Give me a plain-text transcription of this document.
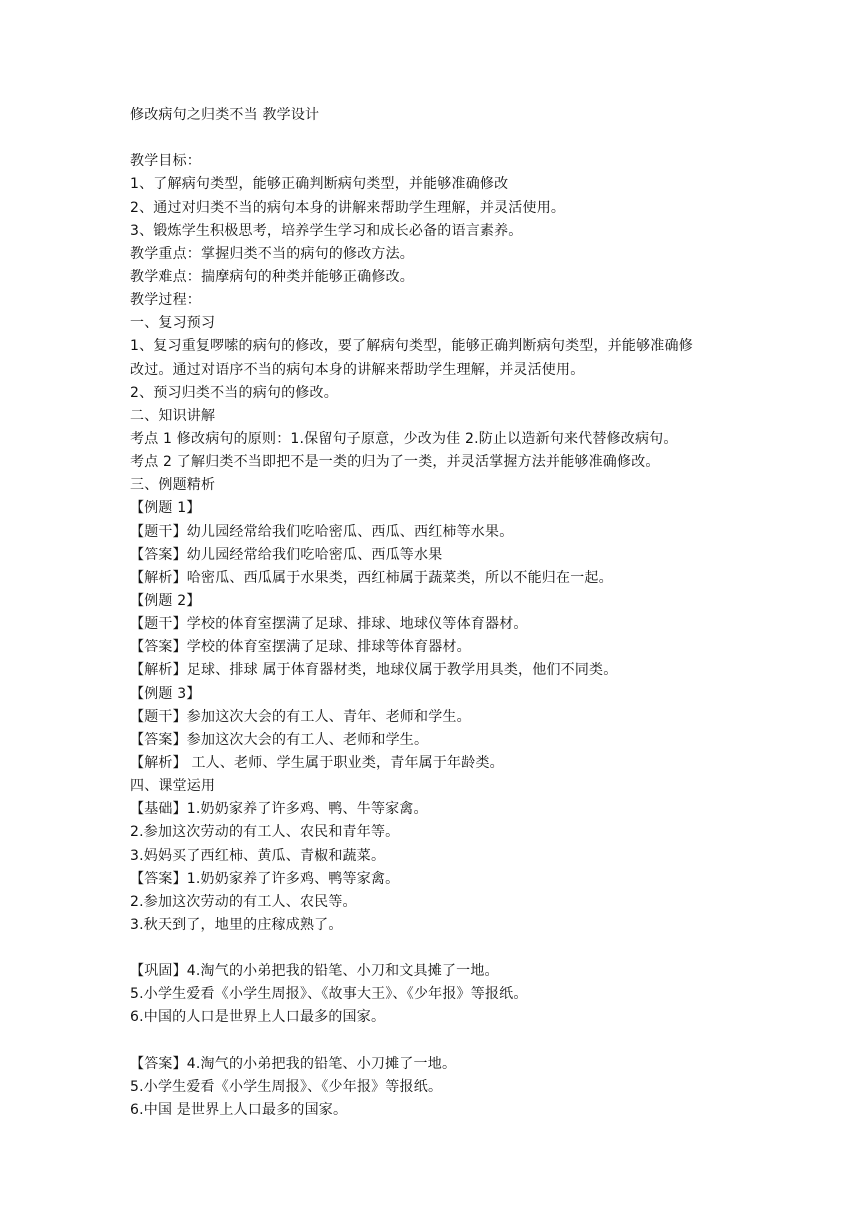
修改病句之归类不当 教学设计
教学目标：
1、了解病句类型，能够正确判断病句类型，并能够准确修改
2、通过对归类不当的病句本身的讲解来帮助学生理解，并灵活使用。
3、锻炼学生积极思考，培养学生学习和成长必备的语言素养。
教学重点：掌握归类不当的病句的修改方法。
教学难点：揣摩病句的种类并能够正确修改。
教学过程：
一、复习预习
1、复习重复啰嗦的病句的修改，要了解病句类型，能够正确判断病句类型，并能够准确修
改过。通过对语序不当的病句本身的讲解来帮助学生理解，并灵活使用。
2、预习归类不当的病句的修改。
二、知识讲解
考点 1 修改病句的原则：1.保留句子原意，少改为佳 2.防止以造新句来代替修改病句。
考点 2 了解归类不当即把不是一类的归为了一类，并灵活掌握方法并能够准确修改。
三、例题精析
【例题 1】
【题干】幼儿园经常给我们吃哈密瓜、西瓜、西红柿等水果。
【答案】幼儿园经常给我们吃哈密瓜、西瓜等水果
【解析】哈密瓜、西瓜属于水果类，西红柿属于蔬菜类，所以不能归在一起。
【例题 2】
【题干】学校的体育室摆满了足球、排球、地球仪等体育器材。
【答案】学校的体育室摆满了足球、排球等体育器材。
【解析】足球、排球 属于体育器材类，地球仪属于教学用具类，他们不同类。
【例题 3】
【题干】参加这次大会的有工人、青年、老师和学生。
【答案】参加这次大会的有工人、老师和学生。
【解析】 工人、老师、学生属于职业类，青年属于年龄类。
四、课堂运用
【基础】1.奶奶家养了许多鸡、鸭、牛等家禽。
2.参加这次劳动的有工人、农民和青年等。
3.妈妈买了西红柿、黄瓜、青椒和蔬菜。
【答案】1.奶奶家养了许多鸡、鸭等家禽。
2.参加这次劳动的有工人、农民等。
3.秋天到了，地里的庄稼成熟了。
【巩固】4.淘气的小弟把我的铅笔、小刀和文具摊了一地。
5.小学生爱看《小学生周报》、《故事大王》、《少年报》等报纸。
6.中国的人口是世界上人口最多的国家。
【答案】4.淘气的小弟把我的铅笔、小刀摊了一地。
5.小学生爱看《小学生周报》、《少年报》等报纸。
6.中国 是世界上人口最多的国家。
